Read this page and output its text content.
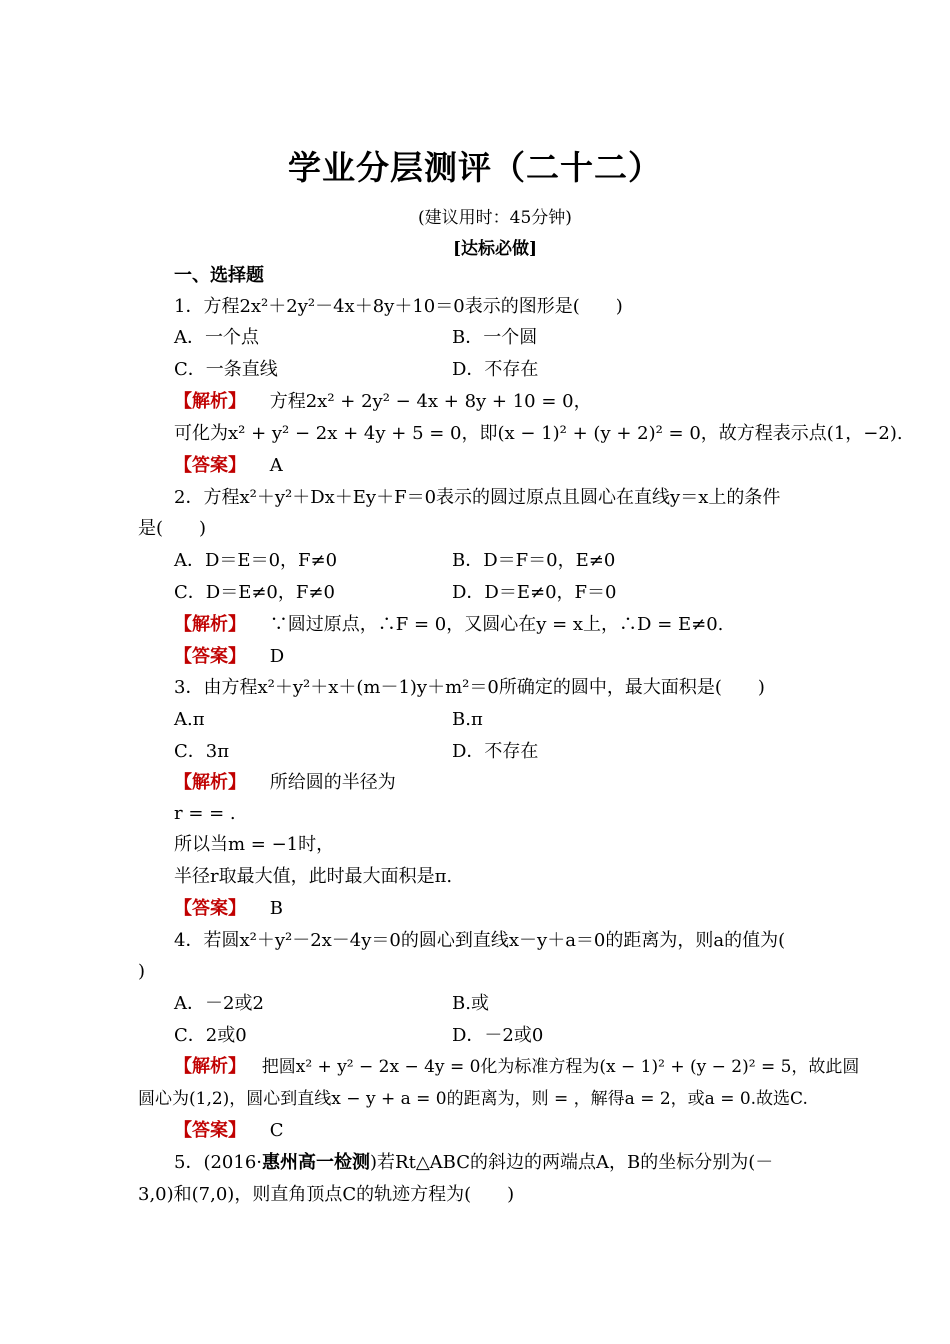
学业分层测评（二十二）
(建议用时：45分钟)
[达标必做]
一、选择题
1．方程2x²＋2y²－4x＋8y＋10＝0表示的图形是(　　)
A．一个点	B．一个圆
C．一条直线	D．不存在
【解析】 方程2x² + 2y² − 4x + 8y + 10 = 0，
可化为x² + y² − 2x + 4y + 5 = 0，即(x − 1)² + (y + 2)² = 0，故方程表示点(1，−2).
【答案】 A
2．方程x²＋y²＋Dx＋Ey＋F＝0表示的圆过原点且圆心在直线y＝x上的条件
是(　　)
A．D＝E＝0，F≠0	B．D＝F＝0，E≠0
C．D＝E≠0，F≠0	D．D＝E≠0，F＝0
【解析】 ∵圆过原点，∴F = 0，又圆心在y = x上，∴D = E≠0.
【答案】 D
3．由方程x²＋y²＋x＋(m－1)y＋m²＝0所确定的圆中，最大面积是(　　)
A.π	B.π
C．3π	D．不存在
【解析】 所给圆的半径为
r = = .
所以当m = −1时，
半径r取最大值，此时最大面积是π.
【答案】 B
4．若圆x²＋y²－2x－4y＝0的圆心到直线x－y＋a＝0的距离为，则a的值为(
)
A．－2或2	B.或
C．2或0	D．－2或0
【解析】 把圆x² + y² − 2x − 4y = 0化为标准方程为(x − 1)² + (y − 2)² = 5，故此圆
圆心为(1,2)，圆心到直线x − y + a = 0的距离为，则 = ，解得a = 2，或a = 0.故选C.
【答案】 C
5．(2016·惠州高一检测)若Rt△ABC的斜边的两端点A，B的坐标分别为(－
3,0)和(7,0)，则直角顶点C的轨迹方程为(　　)
